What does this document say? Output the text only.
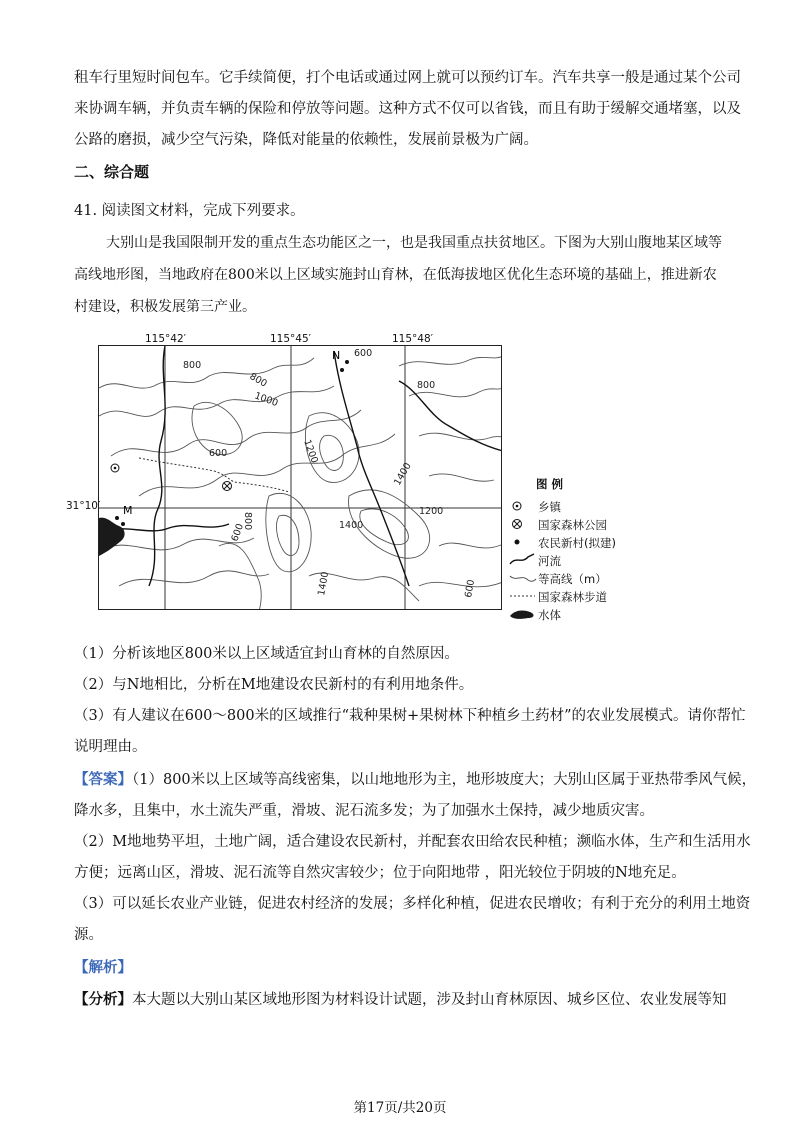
租车行里短时间包车。它手续简便，打个电话或通过网上就可以预约订车。汽车共享一般是通过某个公司
来协调车辆，并负责车辆的保险和停放等问题。这种方式不仅可以省钱，而且有助于缓解交通堵塞，以及
公路的磨损，减少空气污染，降低对能量的依赖性，发展前景极为广阔。
二、综合题
41. 阅读图文材料，完成下列要求。
大别山是我国限制开发的重点生态功能区之一，也是我国重点扶贫地区。下图为大别山腹地某区域等
高线地形图，当地政府在800米以上区域实施封山育林，在低海拔地区优化生态环境的基础上，推进新农
村建设，积极发展第三产业。
115°42′	115°45′	115°48′
31°10′
N
M
800
800
1000
600	1200
1400
600
800
800
600	1400
1200
1400	600
图 例
乡镇
国家森林公园
农民新村(拟建)
河流
等高线（m）
国家森林步道
水体
（1）分析该地区800米以上区域适宜封山育林的自然原因。
（2）与N地相比，分析在M地建设农民新村的有利用地条件。
（3）有人建议在600～800米的区域推行“栽种果树+果树林下种植乡土药材”的农业发展模式。请你帮忙
说明理由。
【答案】（1）800米以上区域等高线密集，以山地地形为主，地形坡度大；大别山区属于亚热带季风气候，
降水多，且集中，水土流失严重，滑坡、泥石流多发；为了加强水土保持，减少地质灾害。
（2）M地地势平坦，土地广阔，适合建设农民新村，并配套农田给农民种植；濒临水体，生产和生活用水
方便；远离山区，滑坡、泥石流等自然灾害较少；位于向阳地带 ，阳光较位于阴坡的N地充足。
（3）可以延长农业产业链，促进农村经济的发展；多样化种植，促进农民增收；有利于充分的利用土地资
源。
【解析】
【分析】本大题以大别山某区域地形图为材料设计试题，涉及封山育林原因、城乡区位、农业发展等知
第17页/共20页
